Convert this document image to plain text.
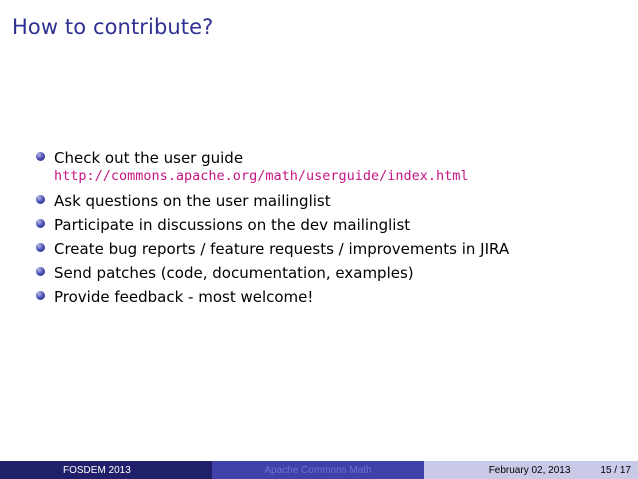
How to contribute?
Check out the user guide
http://commons.apache.org/math/userguide/index.html
Ask questions on the user mailinglist
Participate in discussions on the dev mailinglist
Create bug reports / feature requests / improvements in JIRA
Send patches (code, documentation, examples)
Provide feedback - most welcome!
FOSDEM 2013	Apache Commons Math	February 02, 2013	15 / 17
